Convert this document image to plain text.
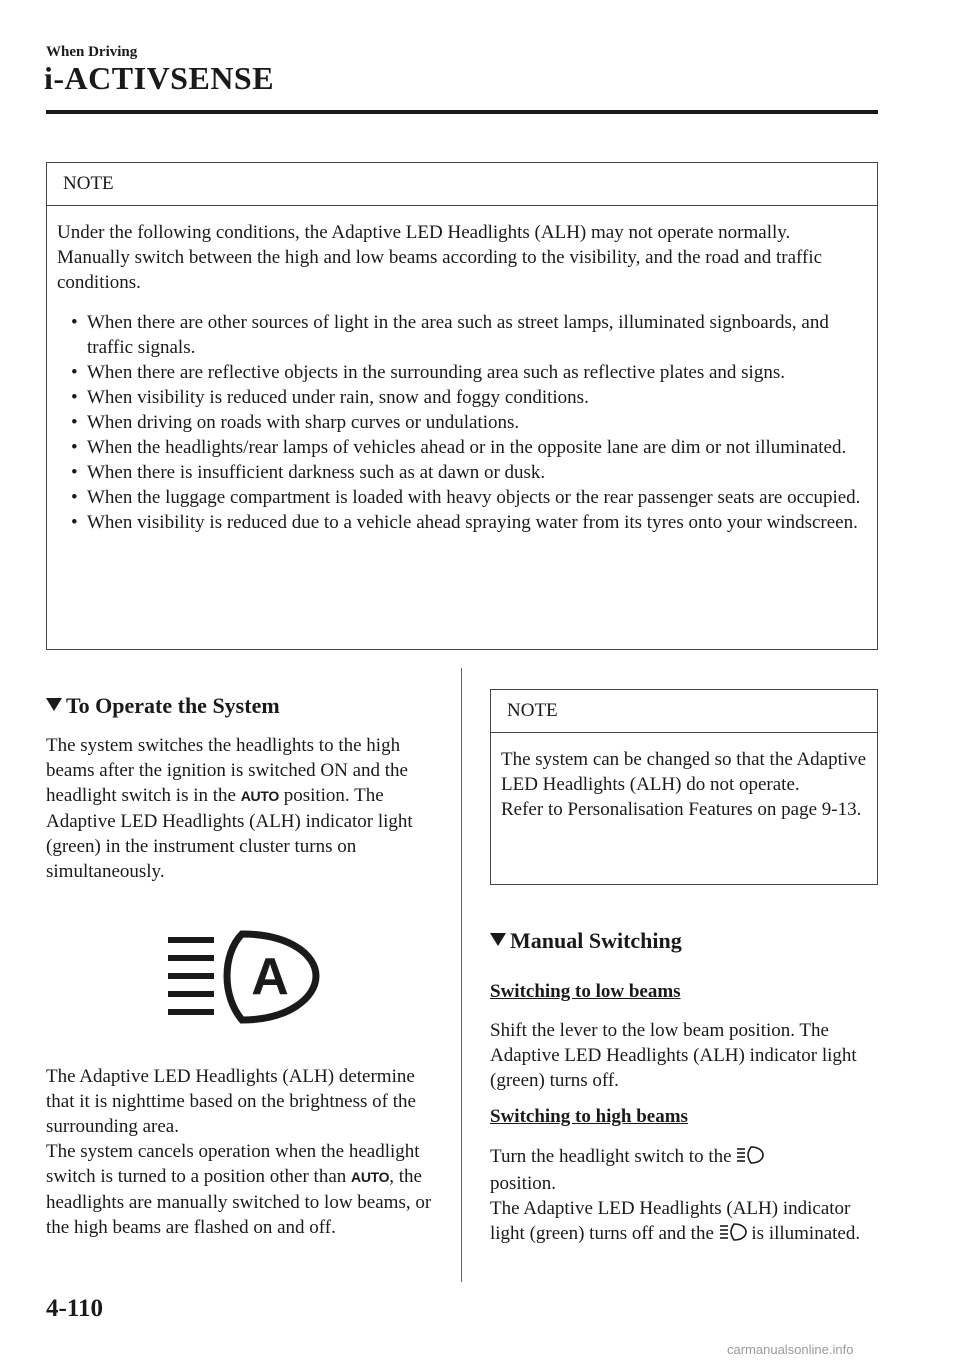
When Driving
i-ACTIVSENSE
NOTE
Under the following conditions, the Adaptive LED Headlights (ALH) may not operate normally. Manually switch between the high and low beams according to the visibility, and the road and traffic conditions.
• When there are other sources of light in the area such as street lamps, illuminated signboards, and traffic signals.
• When there are reflective objects in the surrounding area such as reflective plates and signs.
• When visibility is reduced under rain, snow and foggy conditions.
• When driving on roads with sharp curves or undulations.
• When the headlights/rear lamps of vehicles ahead or in the opposite lane are dim or not illuminated.
• When there is insufficient darkness such as at dawn or dusk.
• When the luggage compartment is loaded with heavy objects or the rear passenger seats are occupied.
• When visibility is reduced due to a vehicle ahead spraying water from its tyres onto your windscreen.
To Operate the System
The system switches the headlights to the high beams after the ignition is switched ON and the headlight switch is in the AUTO position. The Adaptive LED Headlights (ALH) indicator light (green) in the instrument cluster turns on simultaneously.
A
The Adaptive LED Headlights (ALH) determine that it is nighttime based on the brightness of the surrounding area.
The system cancels operation when the headlight switch is turned to a position other than AUTO, the headlights are manually switched to low beams, or the high beams are flashed on and off.
NOTE
The system can be changed so that the Adaptive LED Headlights (ALH) do not operate.
Refer to Personalisation Features on page 9-13.
Manual Switching
Switching to low beams
Shift the lever to the low beam position. The Adaptive LED Headlights (ALH) indicator light (green) turns off.
Switching to high beams
Turn the headlight switch to the
position.
The Adaptive LED Headlights (ALH) indicator light (green) turns off and the  is illuminated.
4-110
carmanualsonline.info
